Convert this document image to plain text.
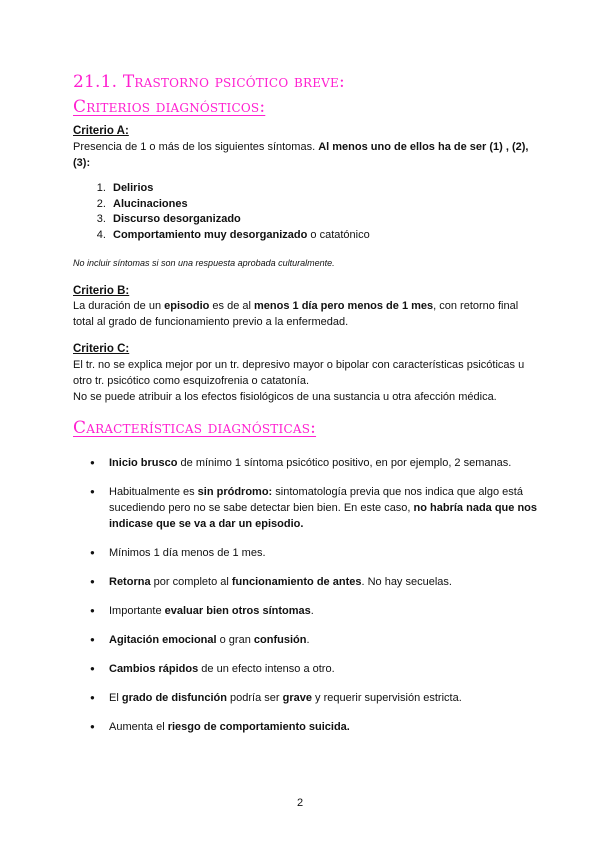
21.1. Trastorno psicótico breve:
Criterios diagnósticos:
Criterio A:
Presencia de 1 o más de los siguientes síntomas. Al menos uno de ellos ha de ser (1) , (2), (3):
1. Delirios
2. Alucinaciones
3. Discurso desorganizado
4. Comportamiento muy desorganizado o catatónico
No incluir síntomas si son una respuesta aprobada culturalmente.
Criterio B:
La duración de un episodio es de al menos 1 día pero menos de 1 mes, con retorno final total al grado de funcionamiento previo a la enfermedad.
Criterio C:
El tr. no se explica mejor por un tr. depresivo mayor o bipolar con características psicóticas u otro tr. psicótico como esquizofrenia o catatonía.
No se puede atribuir a los efectos fisiológicos de una sustancia u otra afección médica.
Características diagnósticas:
● Inicio brusco de mínimo 1 síntoma psicótico positivo, en por ejemplo, 2 semanas.
● Habitualmente es sin pródromo: sintomatología previa que nos indica que algo está sucediendo pero no se sabe detectar bien bien. En este caso, no habría nada que nos indicase que se va a dar un episodio.
● Mínimos 1 día menos de 1 mes.
● Retorna por completo al funcionamiento de antes. No hay secuelas.
● Importante evaluar bien otros síntomas.
● Agitación emocional o gran confusión.
● Cambios rápidos de un efecto intenso a otro.
● El grado de disfunción podría ser grave y requerir supervisión estricta.
● Aumenta el riesgo de comportamiento suicida.
2
